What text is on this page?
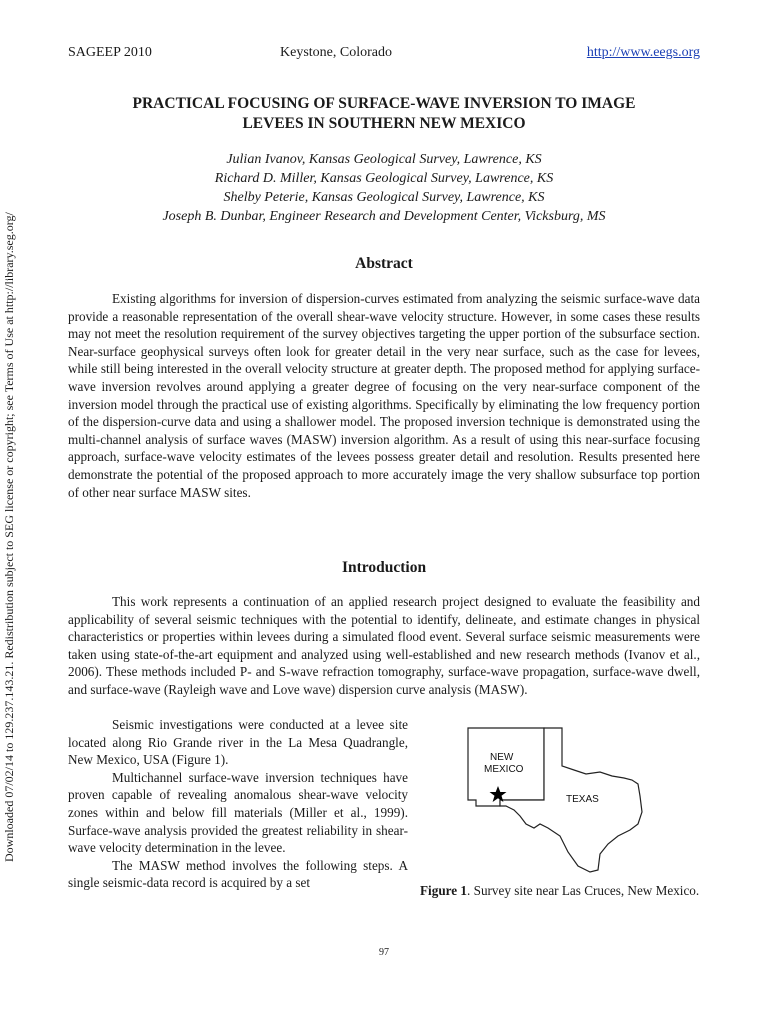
SAGEEP 2010	Keystone, Colorado	http://www.eegs.org
Downloaded 07/02/14 to 129.237.143.21. Redistribution subject to SEG license or copyright; see Terms of Use at http://library.seg.org/
PRACTICAL FOCUSING OF SURFACE-WAVE INVERSION TO IMAGE
LEVEES IN SOUTHERN NEW MEXICO
Julian Ivanov, Kansas Geological Survey, Lawrence, KS
Richard D. Miller, Kansas Geological Survey, Lawrence, KS
Shelby Peterie, Kansas Geological Survey, Lawrence, KS
Joseph B. Dunbar, Engineer Research and Development Center, Vicksburg, MS
Abstract

Existing algorithms for inversion of dispersion-curves estimated from analyzing the seismic surface-wave data provide a reasonable representation of the overall shear-wave velocity structure. However, in some cases these results may not meet the resolution requirement of the survey objectives targeting the upper portion of the subsurface section. Near-surface geophysical surveys often look for greater detail in the very near surface, such as the case for levees, while still being interested in the overall velocity structure at greater depth. The proposed method for applying surface-wave inversion revolves around applying a greater degree of focusing on the very near-surface component of the inversion model through the practical use of existing algorithms. Specifically by eliminating the low frequency portion of the dispersion-curve data and using a shallower model. The proposed inversion technique is demonstrated using the multi-channel analysis of surface waves (MASW) inversion algorithm. As a result of using this near-surface focusing approach, surface-wave velocity estimates of the levees possess greater detail and resolution. Results presented here demonstrate the potential of the proposed approach to more accurately image the very shallow subsurface top portion of other near surface MASW sites.

Introduction

This work represents a continuation of an applied research project designed to evaluate the feasibility and applicability of several seismic techniques with the potential to identify, delineate, and estimate changes in physical characteristics or properties within levees during a simulated flood event. Several surface seismic measurements were taken using state-of-the-art equipment and analyzed using well-established and new research methods (Ivanov et al., 2006). These methods included P- and S-wave refraction tomography, surface-wave propagation, surface-wave dwell, and surface-wave (Rayleigh wave and Love wave) dispersion curve analysis (MASW).

Seismic investigations were conducted at a levee site located along Rio Grande river in the La Mesa Quadrangle, New Mexico, USA (Figure 1).

Multichannel surface-wave inversion techniques have proven capable of revealing anomalous shear-wave velocity zones within and below fill materials (Miller et al., 1999). Surface-wave analysis provided the greatest reliability in shear-wave velocity determination in the levee.

The MASW method involves the following steps. A single seismic-data record is acquired by a set

NEW
MEXICO
TEXAS
Figure 1. Survey site near Las Cruces, New Mexico.
97
